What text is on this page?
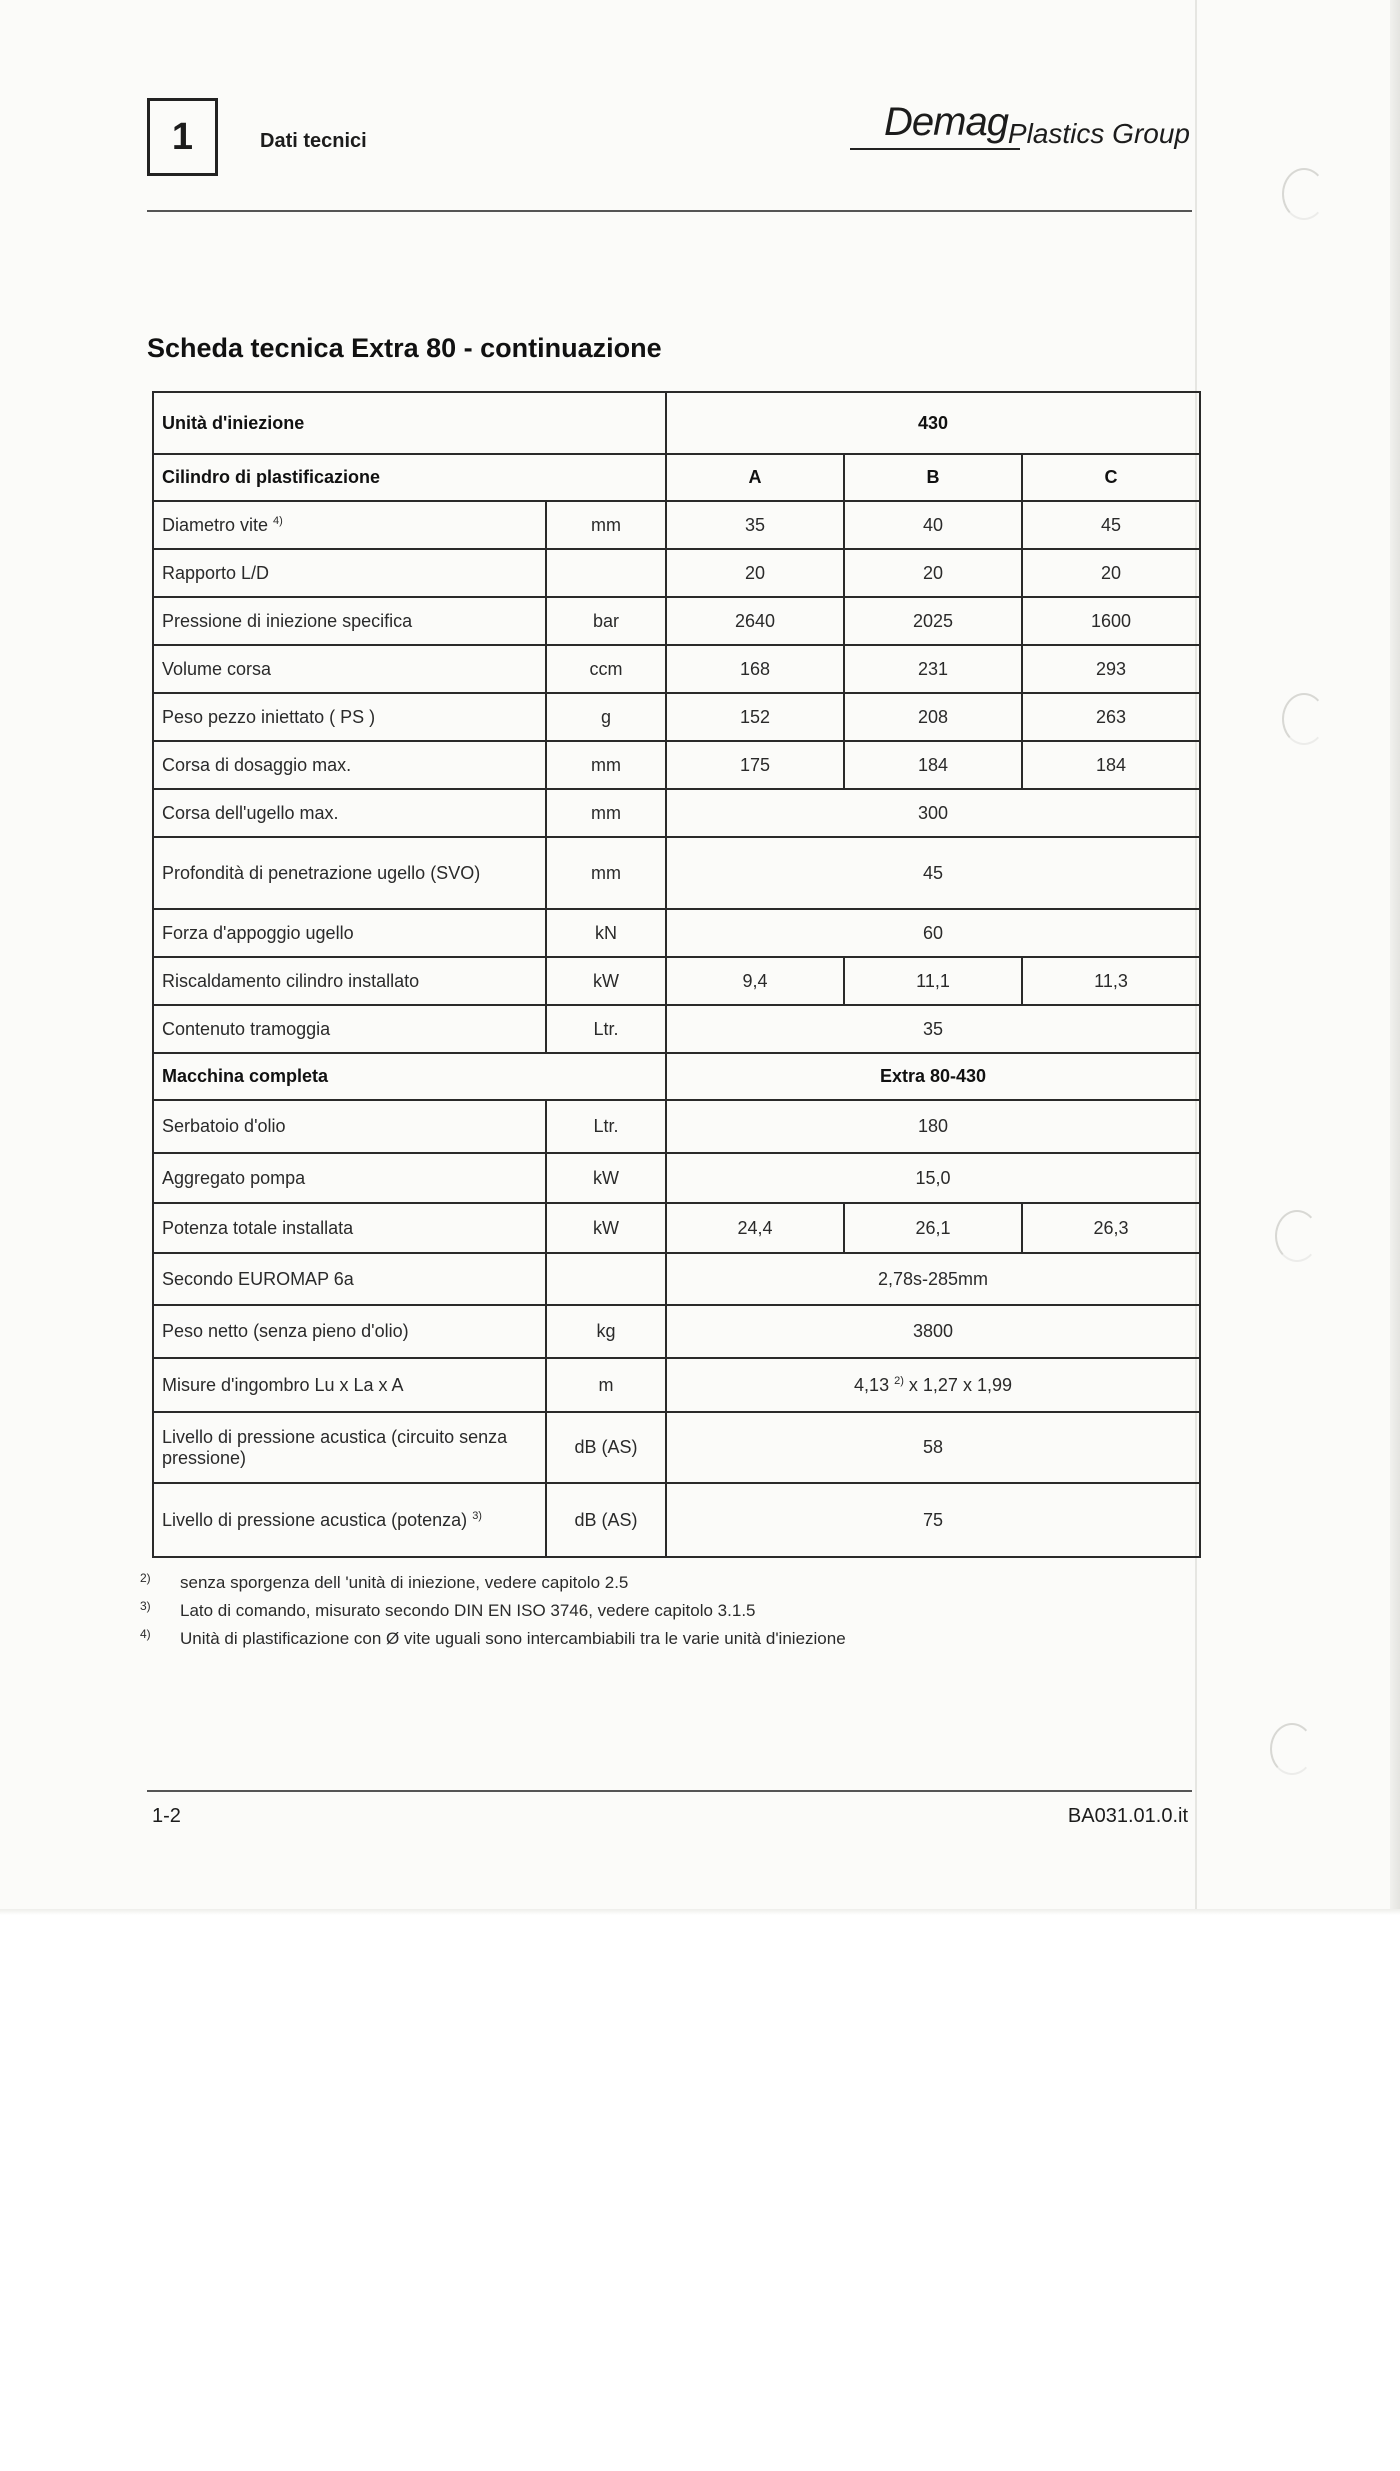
1	Dati tecnici	Demag Plastics Group
Scheda tecnica Extra 80 - continuazione
Unità d'iniezione		430		
Cilindro di plastificazione		A	B	C
Diametro vite $^{4)}$	mm	35	40	45
Rapporto L/D		20	20	20
Pressione di iniezione specifica	bar	2640	2025	1600
Volume corsa	ccm	168	231	293
Peso pezzo iniettato ( PS )	g	152	208	263
Corsa di dosaggio max.	mm	175	184	184
Corsa dell'ugello max.	mm	300		
Profondità di penetrazione ugello (SVO)	mm	45		
Forza d'appoggio ugello	kN	60		
Riscaldamento cilindro installato	kW	9,4	11,1	11,3
Contenuto tramoggia	Ltr.	35		
Macchina completa		Extra 80-430		
Serbatoio d'olio	Ltr.	180		
Aggregato pompa	kW	15,0		
Potenza totale installata	kW	24,4	26,1	26,3
Secondo EUROMAP 6a		2,78s-285mm		
Peso netto (senza pieno d'olio)	kg	3800		
Misure d'ingombro Lu x La x A	m	4,13 $^{2)}$ x 1,27 x 1,99		
Livello di pressione acustica (circuito senza pressione)	dB (AS)	58		
Livello di pressione acustica (potenza) $^{3)}$	dB (AS)	75		
2) senza sporgenza dell 'unità di iniezione, vedere capitolo 2.5
3) Lato di comando, misurato secondo DIN EN ISO 3746, vedere capitolo 3.1.5
4) Unità di plastificazione con Ø vite uguali sono intercambiabili tra le varie unità d'iniezione
1-2	BA031.01.0.it
